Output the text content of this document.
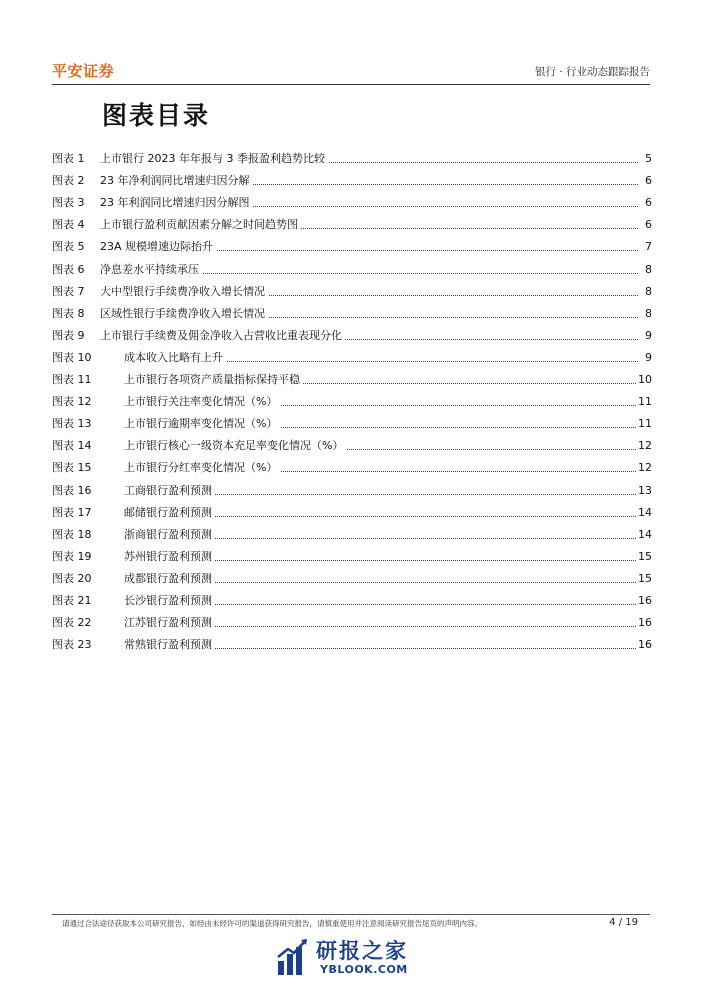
平安证券	银行 · 行业动态跟踪报告
图表目录
图表 1 上市银行 2023 年年报与 3 季报盈利趋势比较	5
图表 2 23 年净利润同比增速归因分解	6
图表 3 23 年利润同比增速归因分解图	6
图表 4 上市银行盈利贡献因素分解之时间趋势图	6
图表 5 23A 规模增速边际抬升	7
图表 6 净息差水平持续承压	8
图表 7 大中型银行手续费净收入增长情况	8
图表 8 区域性银行手续费净收入增长情况	8
图表 9 上市银行手续费及佣金净收入占营收比重表现分化	9
图表 10	成本收入比略有上升	9
图表 11	上市银行各项资产质量指标保持平稳	10
图表 12	上市银行关注率变化情况（%）	11
图表 13	上市银行逾期率变化情况（%）	11
图表 14	上市银行核心一级资本充足率变化情况（%）	12
图表 15	上市银行分红率变化情况（%）	12
图表 16	工商银行盈利预测	13
图表 17	邮储银行盈利预测	14
图表 18	浙商银行盈利预测	14
图表 19	苏州银行盈利预测	15
图表 20	成都银行盈利预测	15
图表 21	长沙银行盈利预测	16
图表 22	江苏银行盈利预测	16
图表 23	常熟银行盈利预测	16
请通过合法途径获取本公司研究报告，如经由未经许可的渠道获得研究报告，请慎重使用并注意阅读研究报告尾页的声明内容。	4 / 19
研报之家
YBLOOK.COM
